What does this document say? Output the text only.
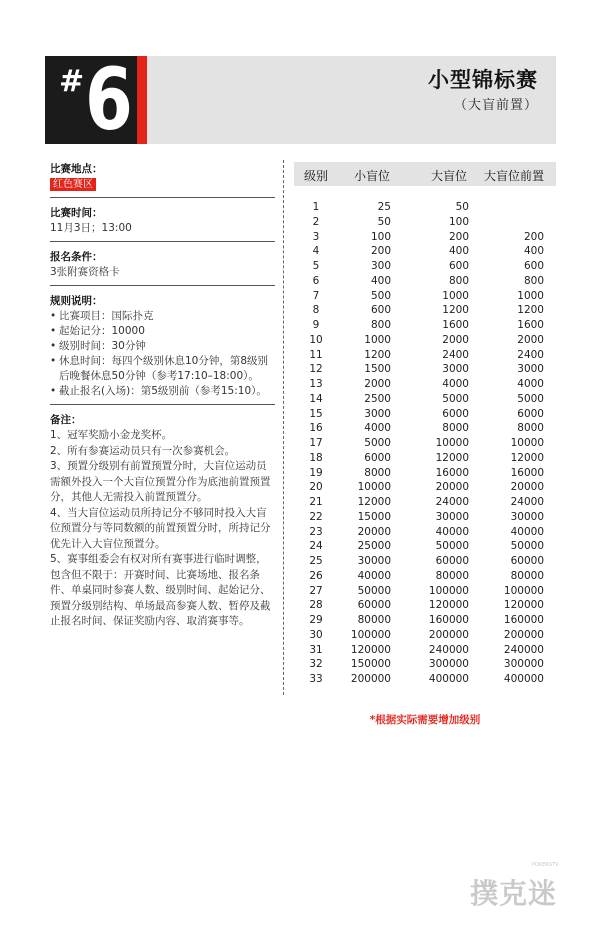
# 6	小型锦标赛
（大盲前置）
比赛地点：
红色赛区
比赛时间：
11月3日；13:00
报名条件：
3张附赛资格卡
规则说明：
• 比赛项目：国际扑克
• 起始记分：10000
• 级别时间：30分钟
• 休息时间：每四个级别休息10分钟，第8级别后晚餐休息50分钟（参考17:10–18:00）。
• 截止报名(入场)：第5级别前（参考15:10）。
备注：
1、冠军奖励小金龙奖杯。
2、所有参赛运动员只有一次参赛机会。
3、预置分级别有前置预置分时，大盲位运动员需额外投入一个大盲位预置分作为底池前置预置分，其他人无需投入前置预置分。
4、当大盲位运动员所持记分不够同时投入大盲位预置分与等同数额的前置预置分时，所持记分优先计入大盲位预置分。
5、赛事组委会有权对所有赛事进行临时调整，包含但不限于：开赛时间、比赛场地、报名条件、单桌同时参赛人数、级别时间、起始记分、预置分级别结构、单场最高参赛人数、暂停及截止报名时间、保证奖励内容、取消赛事等。
级别 小盲位	大盲位 大盲位前置
1	25	50
2	50	100
3	100	200	200
4	200	400	400
5	300	600	600
6	400	800	800
7	500	1000	1000
8	600	1200	1200
9	800	1600	1600
10	1000	2000	2000
11	1200	2400	2400
12	1500	3000	3000
13	2000	4000	4000
14	2500	5000	5000
15	3000	6000	6000
16	4000	8000	8000
17	5000	10000	10000
18	6000	12000	12000
19	8000	16000	16000
20	10000	20000	20000
21	12000	24000	24000
22	15000	30000	30000
23	20000	40000	40000
24	25000	50000	50000
25	30000	60000	60000
26	40000	80000	80000
27	50000	100000	100000
28	60000	120000	120000
29	80000	160000	160000
30	100000	200000	200000
31	120000	240000	240000
32	150000	300000	300000
33	200000	400000	400000
*根据实际需要增加级别
POKERSTV
撲克迷
